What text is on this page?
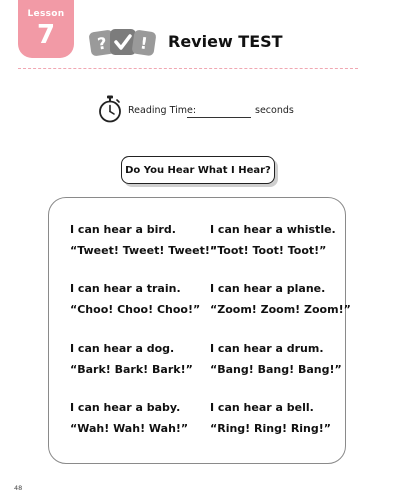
Lesson
7	? ! Review TEST
Reading Time:	seconds
Do You Hear What I Hear?
I can hear a bird.
“Tweet! Tweet! Tweet!”
I can hear a whistle.
“Toot! Toot! Toot!”
I can hear a train.
“Choo! Choo! Choo!”
I can hear a plane.
“Zoom! Zoom! Zoom!”
I can hear a dog.
“Bark! Bark! Bark!”
I can hear a drum.
“Bang! Bang! Bang!”
I can hear a baby.
“Wah! Wah! Wah!”
I can hear a bell.
“Ring! Ring! Ring!”
48
